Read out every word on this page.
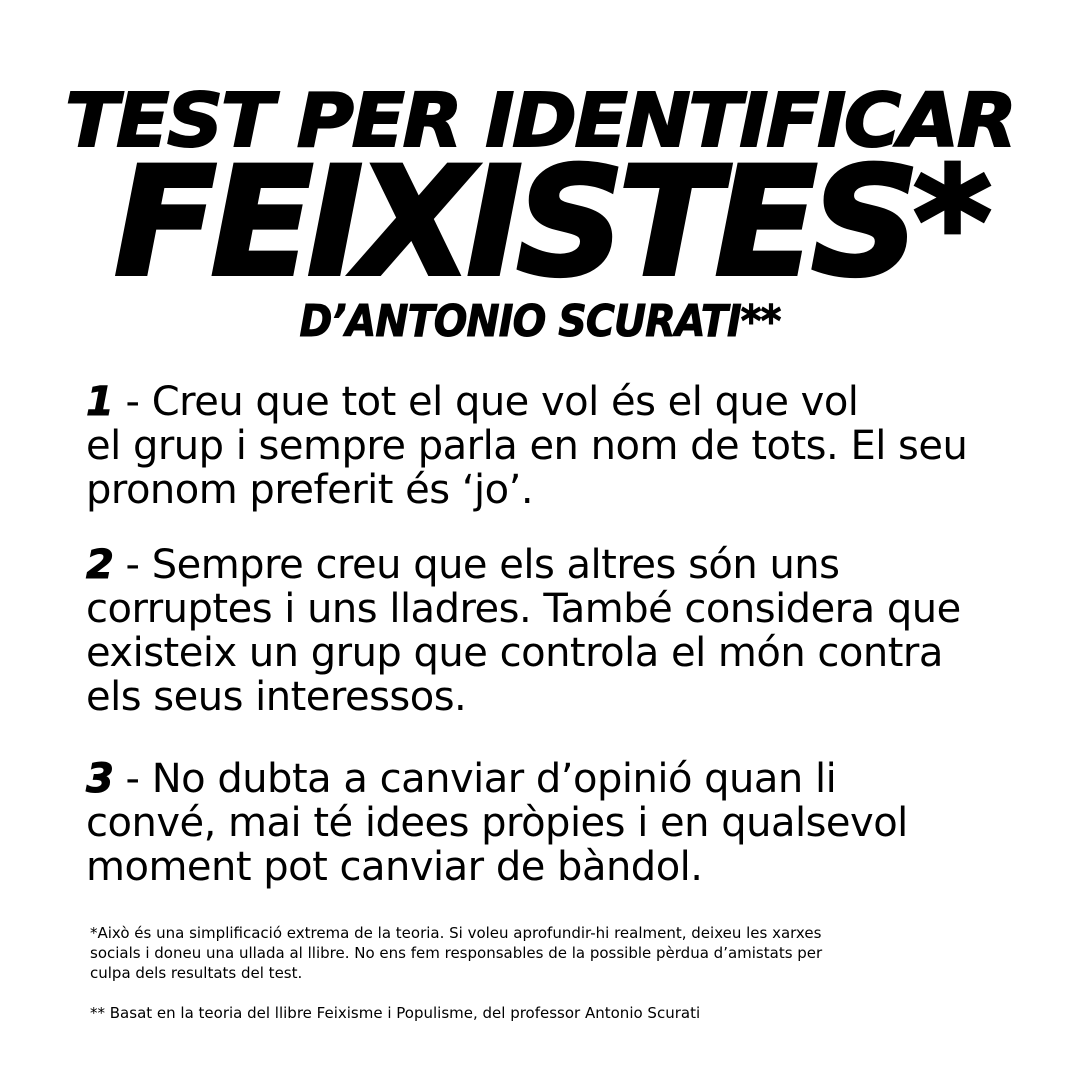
TEST PER IDENTIFICAR
FEIXISTES*
D’ANTONIO SCURATI**

1 - Creu que tot el que vol és el que vol
el grup i sempre parla en nom de tots. El seu
pronom preferit és ‘jo’.

2 - Sempre creu que els altres són uns
corruptes i uns lladres. També considera que
existeix un grup que controla el món contra
els seus interessos.

3 - No dubta a canviar d’opinió quan li
convé, mai té idees pròpies i en qualsevol
moment pot canviar de bàndol.

*Això és una simplificació extrema de la teoria. Si voleu aprofundir-hi realment, deixeu les xarxes
socials i doneu una ullada al llibre. No ens fem responsables de la possible pèrdua d’amistats per
culpa dels resultats del test.

** Basat en la teoria del llibre Feixisme i Populisme, del professor Antonio Scurati
